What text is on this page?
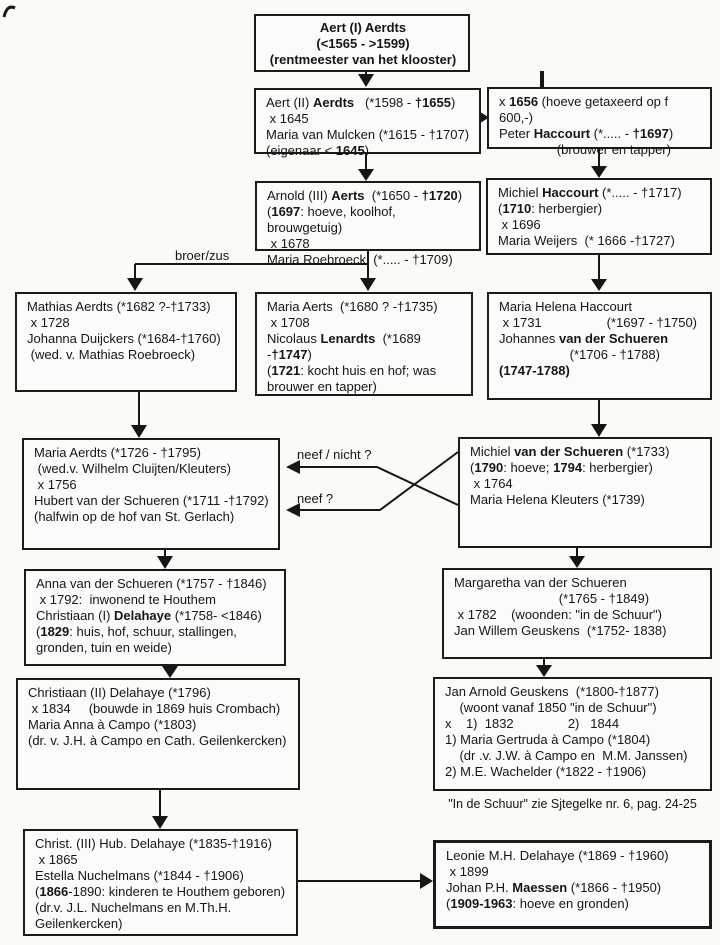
Aert (I) Aerdts
(<1565 - >1599)
(rentmeester van het klooster)
Aert (II) Aerdts   (*1598 - †1655)
x 1645
Maria van Mulcken (*1615 - †1707)
(eigenaar < 1645)
x 1656 (hoeve getaxeerd op f 600,-)
Peter Haccourt (*..... - †1697)
(brouwer en tapper)
Arnold (III) Aerts  (*1650 - †1720)
(1697: hoeve, koolhof, brouwgetuig)
x 1678
Maria Roebroeck  (*..... - †1709)
Michiel Haccourt (*..... - †1717)
(1710: herbergier)
x 1696
Maria Weijers  (* 1666 -†1727)
Mathias Aerdts (*1682 ?-†1733)
x 1728
Johanna Duijckers (*1684-†1760)
(wed. v. Mathias Roebroeck)
Maria Aerts  (*1680 ? -†1735)
x 1708
Nicolaus Lenardts  (*1689 -†1747)
(1721: kocht huis en hof; was
brouwer en tapper)
Maria Helena Haccourt
x 1731                  (*1697 - †1750)
Johannes van der Schueren
(*1706 - †1788)
(1747-1788)
Maria Aerdts (*1726 - †1795)
(wed.v. Wilhelm Cluijten/Kleuters)
x 1756
Hubert van der Schueren (*1711 -†1792)
(halfwin op de hof van St. Gerlach)
Michiel van der Schueren (*1733)
(1790: hoeve; 1794: herbergier)
x 1764
Maria Helena Kleuters (*1739)
Anna van der Schueren (*1757 - †1846)
x 1792:  inwonend te Houthem
Christiaan (I) Delahaye (*1758- <1846)
(1829: huis, hof, schuur, stallingen,
gronden, tuin en weide)
Margaretha van der Schueren
(*1765 - †1849)
x 1782    (woonden: "in de Schuur")
Jan Willem Geuskens  (*1752- 1838)
Christiaan (II) Delahaye (*1796)
x 1834     (bouwde in 1869 huis Crombach)
Maria Anna à Campo (*1803)
(dr. v. J.H. à Campo en Cath. Geilenkercken)
Jan Arnold Geuskens  (*1800-†1877)
(woont vanaf 1850 "in de Schuur")
x    1)  1832               2)   1844
1) Maria Gertruda à Campo (*1804)
(dr .v. J.W. à Campo en  M.M. Janssen)
2) M.E. Wachelder (*1822 - †1906)
Christ. (III) Hub. Delahaye (*1835-†1916)
x 1865
Estella Nuchelmans (*1844 - †1906)
(1866-1890: kinderen te Houthem geboren)
(dr.v. J.L. Nuchelmans en M.Th.H.
Geilenkercken)
Leonie M.H. Delahaye (*1869 - †1960)
x 1899
Johan P.H. Maessen (*1866 - †1950)
(1909-1963: hoeve en gronden)
broer/zus
neef / nicht ?
neef ?
"In de Schuur" zie Sjtegelke nr. 6, pag. 24-25
